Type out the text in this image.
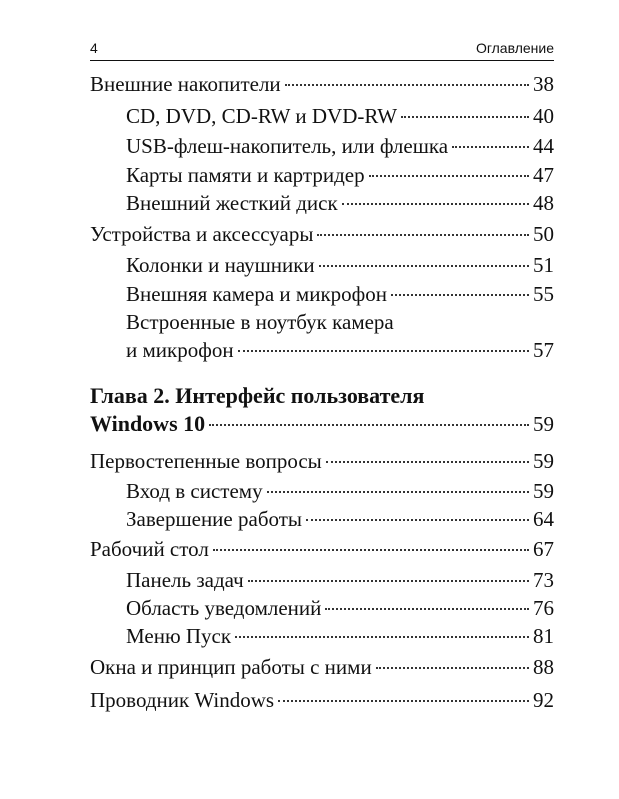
4	Оглавление
Внешние накопители	38
CD, DVD, CD-RW и DVD-RW	40
USB-флеш-накопитель, или флешка	44
Карты памяти и картридер	47
Внешний жесткий диск	48
Устройства и аксессуары	50
Колонки и наушники	51
Внешняя камера и микрофон	55
Встроенные в ноутбук камера
и микрофон	57
Глава 2. Интерфейс пользователя
Windows 10	59
Первостепенные вопросы	59
Вход в систему	59
Завершение работы	64
Рабочий стол	67
Панель задач	73
Область уведомлений	76
Меню Пуск	81
Окна и принцип работы с ними	88
Проводник Windows	92
